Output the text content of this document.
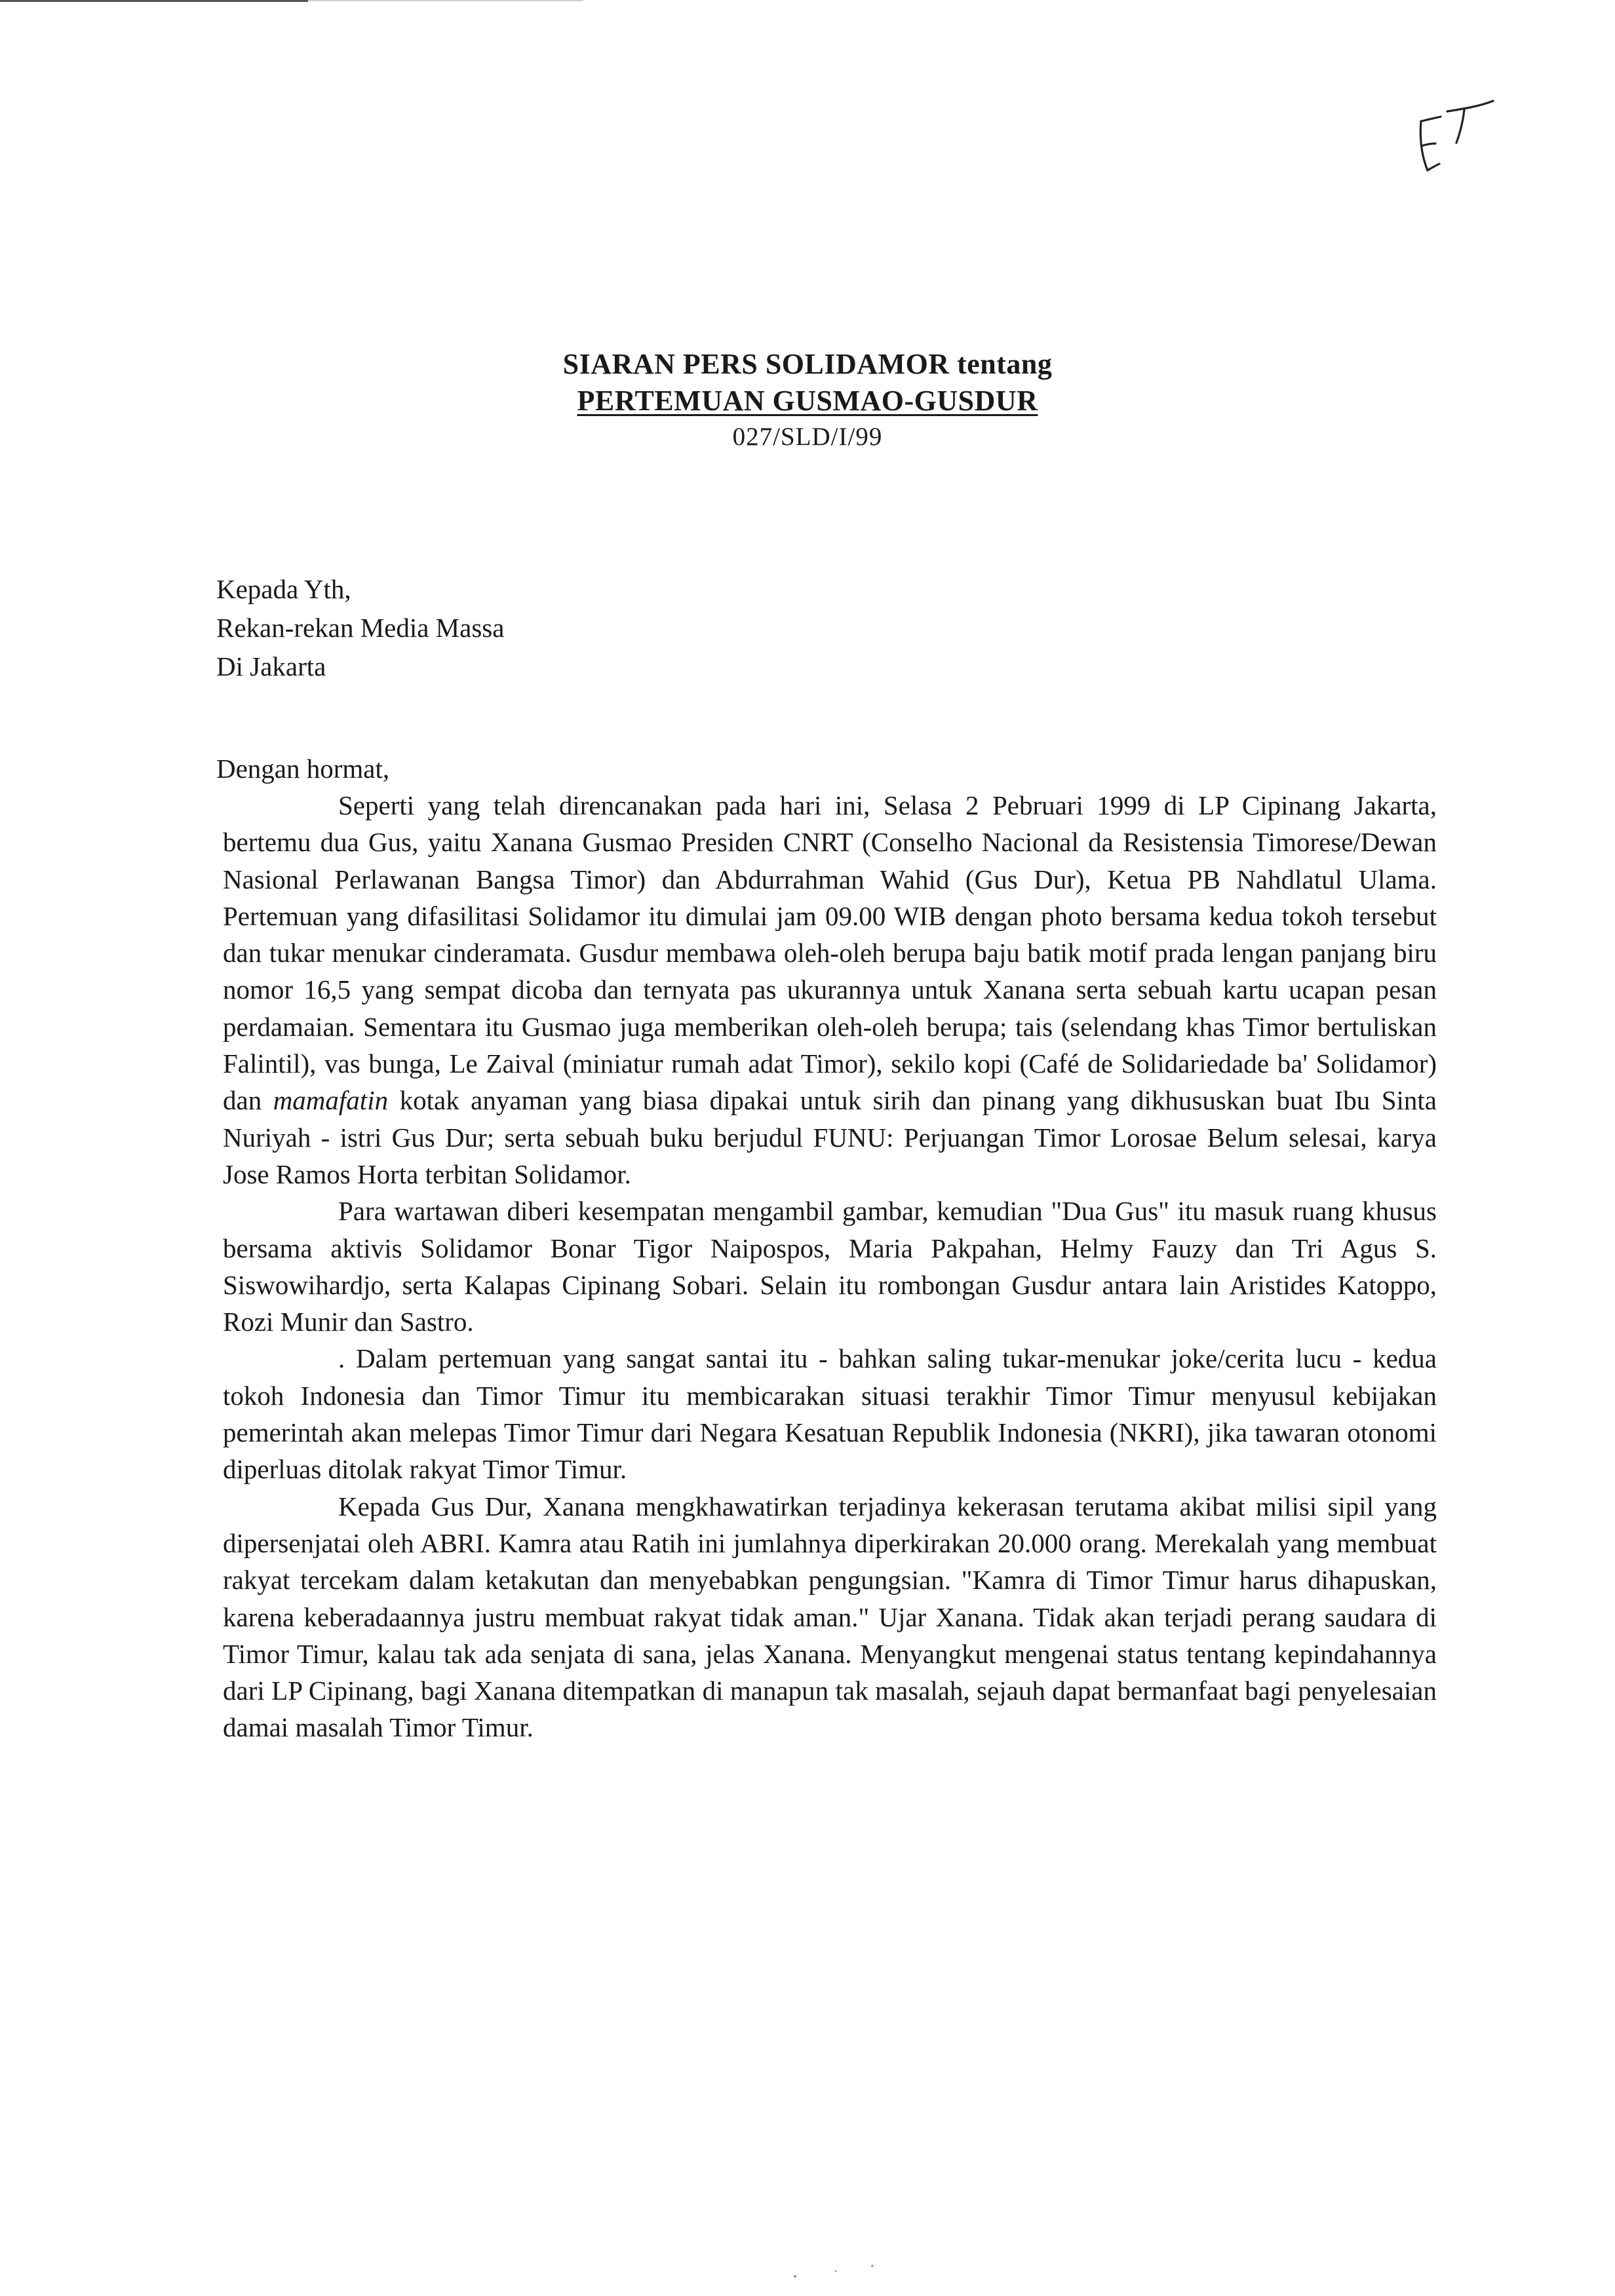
SIARAN PERS SOLIDAMOR tentang
PERTEMUAN GUSMAO-GUSDUR
027/SLD/I/99
Kepada Yth,
Rekan-rekan Media Massa
Di Jakarta
Dengan hormat,

Seperti yang telah direncanakan pada hari ini, Selasa 2 Pebruari 1999 di LP Cipinang Jakarta, bertemu dua Gus, yaitu Xanana Gusmao Presiden CNRT (Conselho Nacional da Resistensia Timorese/Dewan Nasional Perlawanan Bangsa Timor) dan Abdurrahman Wahid (Gus Dur), Ketua PB Nahdlatul Ulama. Pertemuan yang difasilitasi Solidamor itu dimulai jam 09.00 WIB dengan photo bersama kedua tokoh tersebut dan tukar menukar cinderamata. Gusdur membawa oleh-oleh berupa baju batik motif prada lengan panjang biru nomor 16,5 yang sempat dicoba dan ternyata pas ukurannya untuk Xanana serta sebuah kartu ucapan pesan perdamaian. Sementara itu Gusmao juga memberikan oleh-oleh berupa; tais (selendang khas Timor bertuliskan Falintil), vas bunga, Le Zaival (miniatur rumah adat Timor), sekilo kopi (Café de Solidariedade ba' Solidamor) dan mamafatin kotak anyaman yang biasa dipakai untuk sirih dan pinang yang dikhususkan buat Ibu Sinta Nuriyah - istri Gus Dur; serta sebuah buku berjudul FUNU: Perjuangan Timor Lorosae Belum selesai, karya Jose Ramos Horta terbitan Solidamor.

Para wartawan diberi kesempatan mengambil gambar, kemudian "Dua Gus" itu masuk ruang khusus bersama aktivis Solidamor Bonar Tigor Naipospos, Maria Pakpahan, Helmy Fauzy dan Tri Agus S. Siswowihardjo, serta Kalapas Cipinang Sobari. Selain itu rombongan Gusdur antara lain Aristides Katoppo, Rozi Munir dan Sastro.

. Dalam pertemuan yang sangat santai itu - bahkan saling tukar-menukar joke/cerita lucu - kedua tokoh Indonesia dan Timor Timur itu membicarakan situasi terakhir Timor Timur menyusul kebijakan pemerintah akan melepas Timor Timur dari Negara Kesatuan Republik Indonesia (NKRI), jika tawaran otonomi diperluas ditolak rakyat Timor Timur.

Kepada Gus Dur, Xanana mengkhawatirkan terjadinya kekerasan terutama akibat milisi sipil yang dipersenjatai oleh ABRI. Kamra atau Ratih ini jumlahnya diperkirakan 20.000 orang. Merekalah yang membuat rakyat tercekam dalam ketakutan dan menyebabkan pengungsian. "Kamra di Timor Timur harus dihapuskan, karena keberadaannya justru membuat rakyat tidak aman." Ujar Xanana. Tidak akan terjadi perang saudara di Timor Timur, kalau tak ada senjata di sana, jelas Xanana. Menyangkut mengenai status tentang kepindahannya dari LP Cipinang, bagi Xanana ditempatkan di manapun tak masalah, sejauh dapat bermanfaat bagi penyelesaian damai masalah Timor Timur.
